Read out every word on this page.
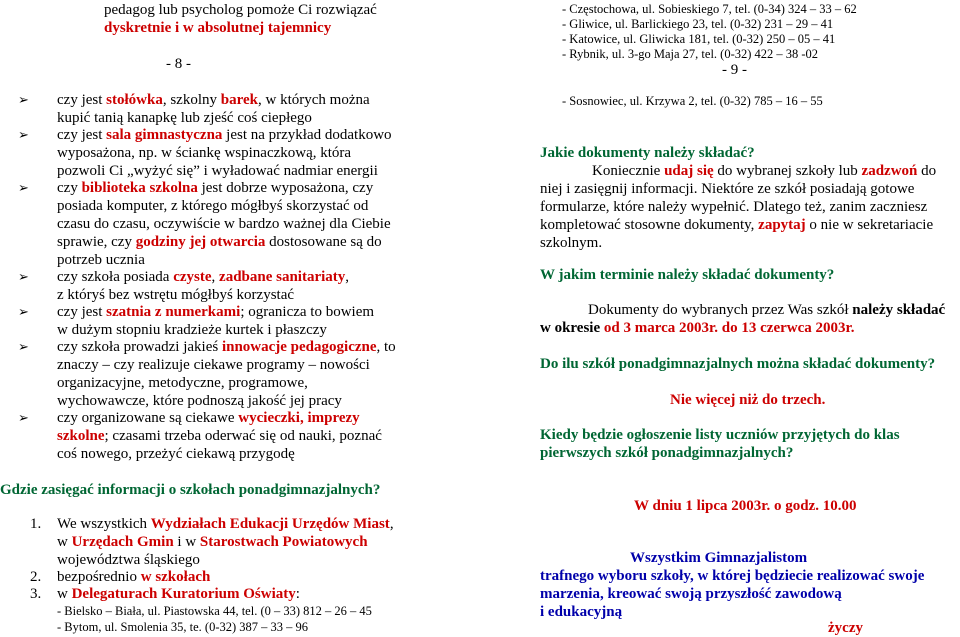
pedagog lub psycholog pomoże Ci rozwiązać
dyskretnie i w absolutnej tajemnicy
- 8 -
➢ czy jest stołówka, szkolny barek, w których można
kupić tanią kanapkę lub zjeść coś ciepłego
➢ czy jest sala gimnastyczna jest na przykład dodatkowo
wyposażona, np. w ściankę wspinaczkową, która
pozwoli Ci „wyżyć się” i wyładować nadmiar energii
➢ czy biblioteka szkolna jest dobrze wyposażona, czy
posiada komputer, z którego mógłbyś skorzystać od
czasu do czasu, oczywiście w bardzo ważnej dla Ciebie
sprawie, czy godziny jej otwarcia dostosowane są do
potrzeb ucznia
➢ czy szkoła posiada czyste, zadbane sanitariaty,
z któryś bez wstrętu mógłbyś korzystać
➢ czy jest szatnia z numerkami; ogranicza to bowiem
w dużym stopniu kradzieże kurtek i płaszczy
➢ czy szkoła prowadzi jakieś innowacje pedagogiczne, to
znaczy – czy realizuje ciekawe programy – nowości
organizacyjne, metodyczne, programowe,
wychowawcze, które podnoszą jakość jej pracy
➢ czy organizowane są ciekawe wycieczki, imprezy
szkolne; czasami trzeba oderwać się od nauki, poznać
coś nowego, przeżyć ciekawą przygodę
Gdzie zasięgać informacji o szkołach ponadgimnazjalnych?
1. We wszystkich Wydziałach Edukacji Urzędów Miast,
w Urzędach Gmin i w Starostwach Powiatowych
województwa śląskiego
2. bezpośrednio w szkołach
3. w Delegaturach Kuratorium Oświaty:
- Bielsko – Biała, ul. Piastowska 44, tel. (0 – 33) 812 – 26 – 45
- Bytom, ul. Smolenia 35, te. (0-32) 387 – 33 – 96
- Częstochowa, ul. Sobieskiego 7, tel. (0-34) 324 – 33 – 62
- Gliwice, ul. Barlickiego 23, tel. (0-32) 231 – 29 – 41
- Katowice, ul. Gliwicka 181, tel. (0-32) 250 – 05 – 41
- Rybnik, ul. 3-go Maja 27, tel. (0-32) 422 – 38 -02
- 9 -
- Sosnowiec, ul. Krzywa 2, tel. (0-32) 785 – 16 – 55
Jakie dokumenty należy składać?
Koniecznie udaj się do wybranej szkoły lub zadzwoń do
niej i zasięgnij informacji. Niektóre ze szkół posiadają gotowe
formularze, które należy wypełnić. Dlatego też, zanim zaczniesz
kompletować stosowne dokumenty, zapytaj o nie w sekretariacie
szkolnym.
W jakim terminie należy składać dokumenty?
Dokumenty do wybranych przez Was szkół należy składać
w okresie od 3 marca 2003r. do 13 czerwca 2003r.
Do ilu szkół ponadgimnazjalnych można składać dokumenty?
Nie więcej niż do trzech.
Kiedy będzie ogłoszenie listy uczniów przyjętych do klas
pierwszych szkół ponadgimnazjalnych?
W dniu 1 lipca 2003r. o godz. 10.00
Wszystkim Gimnazjalistom
trafnego wyboru szkoły, w której będziecie realizować swoje
marzenia, kreować swoją przyszłość zawodową
i edukacyjną
życzy
